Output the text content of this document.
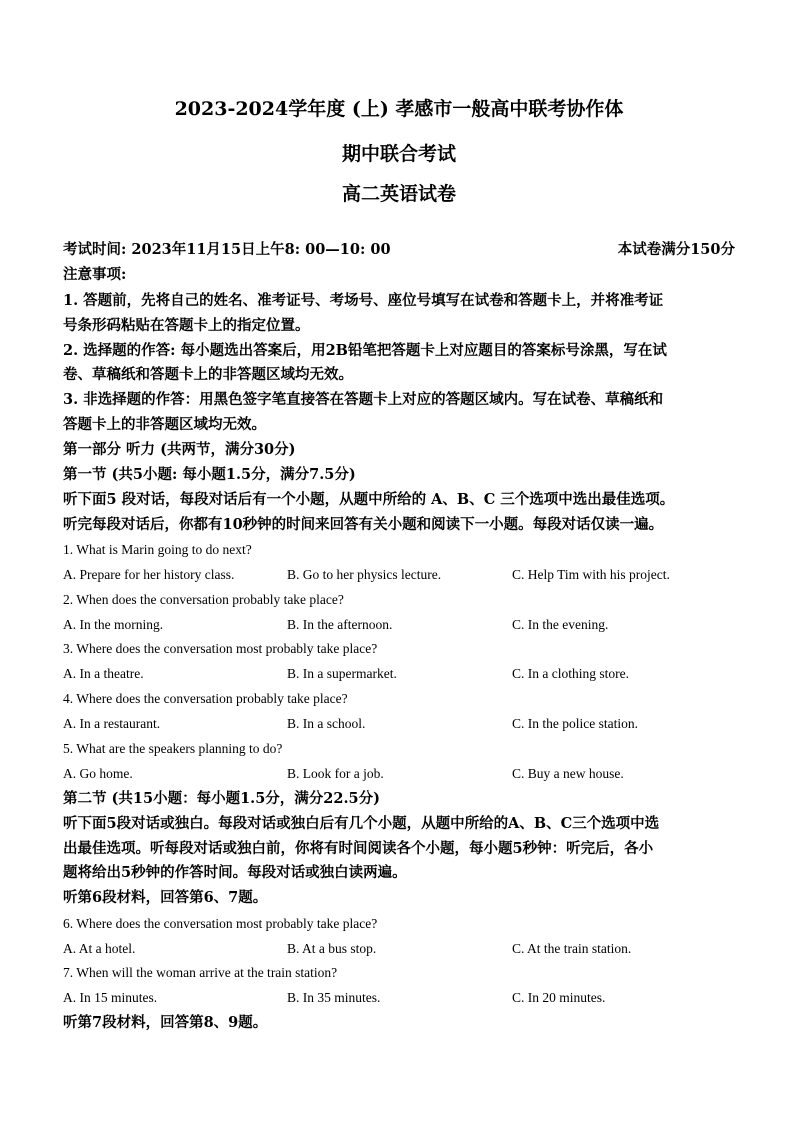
2023-2024学年度 (上) 孝感市一般高中联考协作体
期中联合考试
高二英语试卷
考试时间: 2023年11月15日上午8: 00—10: 00	本试卷满分150分
注意事项:
1. 答题前，先将自己的姓名、准考证号、考场号、座位号填写在试卷和答题卡上，并将准考证
号条形码粘贴在答题卡上的指定位置。
2. 选择题的作答: 每小题选出答案后，用2B铅笔把答题卡上对应题目的答案标号涂黑，写在试
卷、草稿纸和答题卡上的非答题区域均无效。
3. 非选择题的作答：用黑色签字笔直接答在答题卡上对应的答题区域内。写在试卷、草稿纸和
答题卡上的非答题区域均无效。
第一部分 听力 (共两节，满分30分)
第一节 (共5小题: 每小题1.5分，满分7.5分)
听下面5 段对话，每段对话后有一个小题，从题中所给的 A、B、C 三个选项中选出最佳选项。
听完每段对话后，你都有10秒钟的时间来回答有关小题和阅读下一小题。每段对话仅读一遍。
1. What is Marin going to do next?
A. Prepare for her history class.	B. Go to her physics lecture.	C. Help Tim with his project.
2. When does the conversation probably take place?
A. In the morning.	B. In the afternoon.	C. In the evening.
3. Where does the conversation most probably take place?
A. In a theatre.	B. In a supermarket.	C. In a clothing store.
4. Where does the conversation probably take place?
A. In a restaurant.	B. In a school.	C. In the police station.
5. What are the speakers planning to do?
A. Go home.	B. Look for a job.	C. Buy a new house.
第二节 (共15小题：每小题1.5分，满分22.5分)
听下面5段对话或独白。每段对话或独白后有几个小题，从题中所给的A、B、C三个选项中选
出最佳选项。听每段对话或独白前，你将有时间阅读各个小题，每小题5秒钟：听完后，各小
题将给出5秒钟的作答时间。每段对话或独白读两遍。
听第6段材料，回答第6、7题。
6. Where does the conversation most probably take place?
A. At a hotel.	B. At a bus stop.	C. At the train station.
7. When will the woman arrive at the train station?
A. In 15 minutes.	B. In 35 minutes.	C. In 20 minutes.
听第7段材料，回答第8、9题。
